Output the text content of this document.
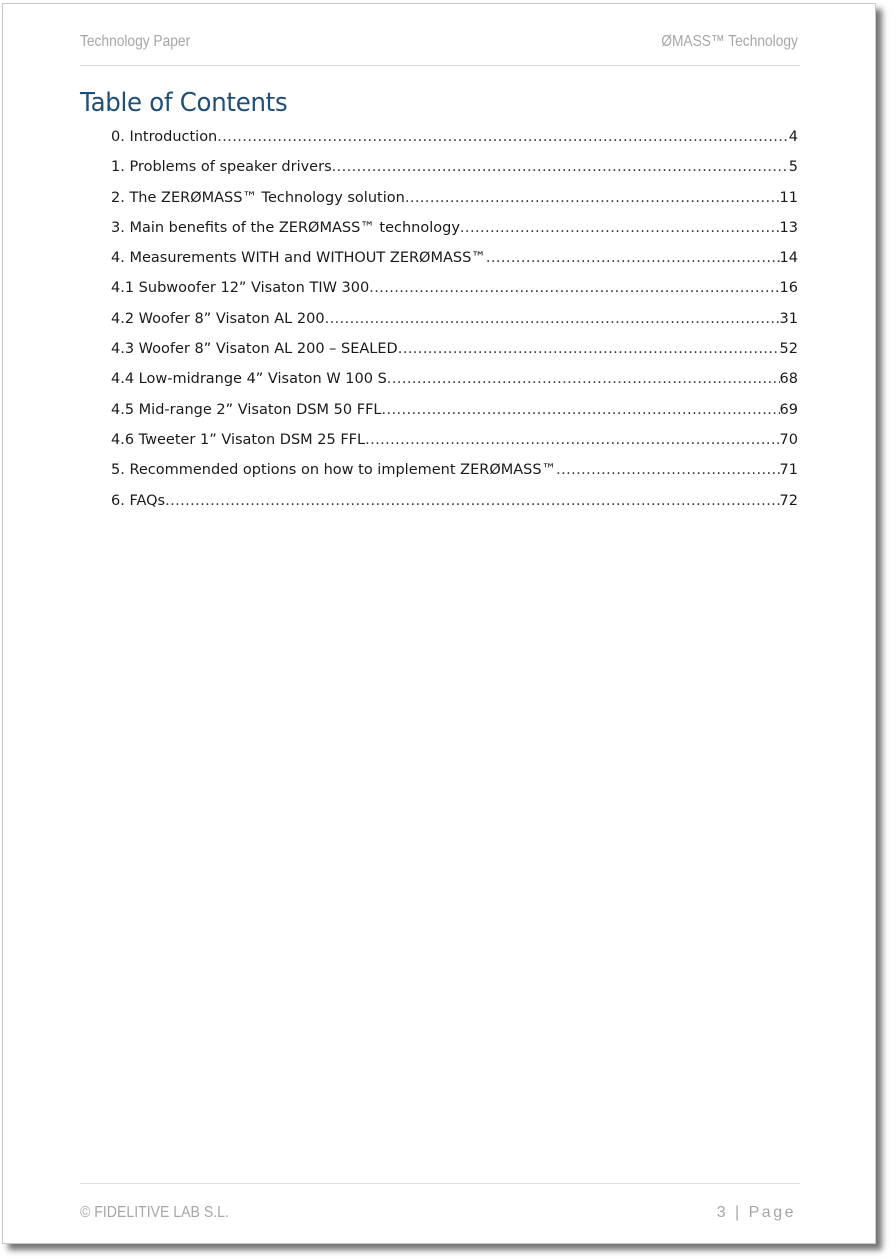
Technology Paper	ØMASS™ Technology
Table of Contents
0. Introduction .....	4
1. Problems of speaker drivers .....	5
2. The ZERØMASS™ Technology solution .....	11
3. Main benefits of the ZERØMASS™ technology .....	13
4. Measurements WITH and WITHOUT ZERØMASS™ .....	14
4.1 Subwoofer 12” Visaton TIW 300 .....	16
4.2 Woofer 8” Visaton AL 200 .....	31
4.3 Woofer 8” Visaton AL 200 – SEALED .....	52
4.4 Low-midrange 4” Visaton W 100 S .....	68
4.5 Mid-range 2” Visaton DSM 50 FFL .....	69
4.6 Tweeter 1” Visaton DSM 25 FFL .....	70
5. Recommended options on how to implement ZERØMASS™ .....	71
6. FAQs .....	72
© FIDELITIVE LAB S.L.	3 | Page
